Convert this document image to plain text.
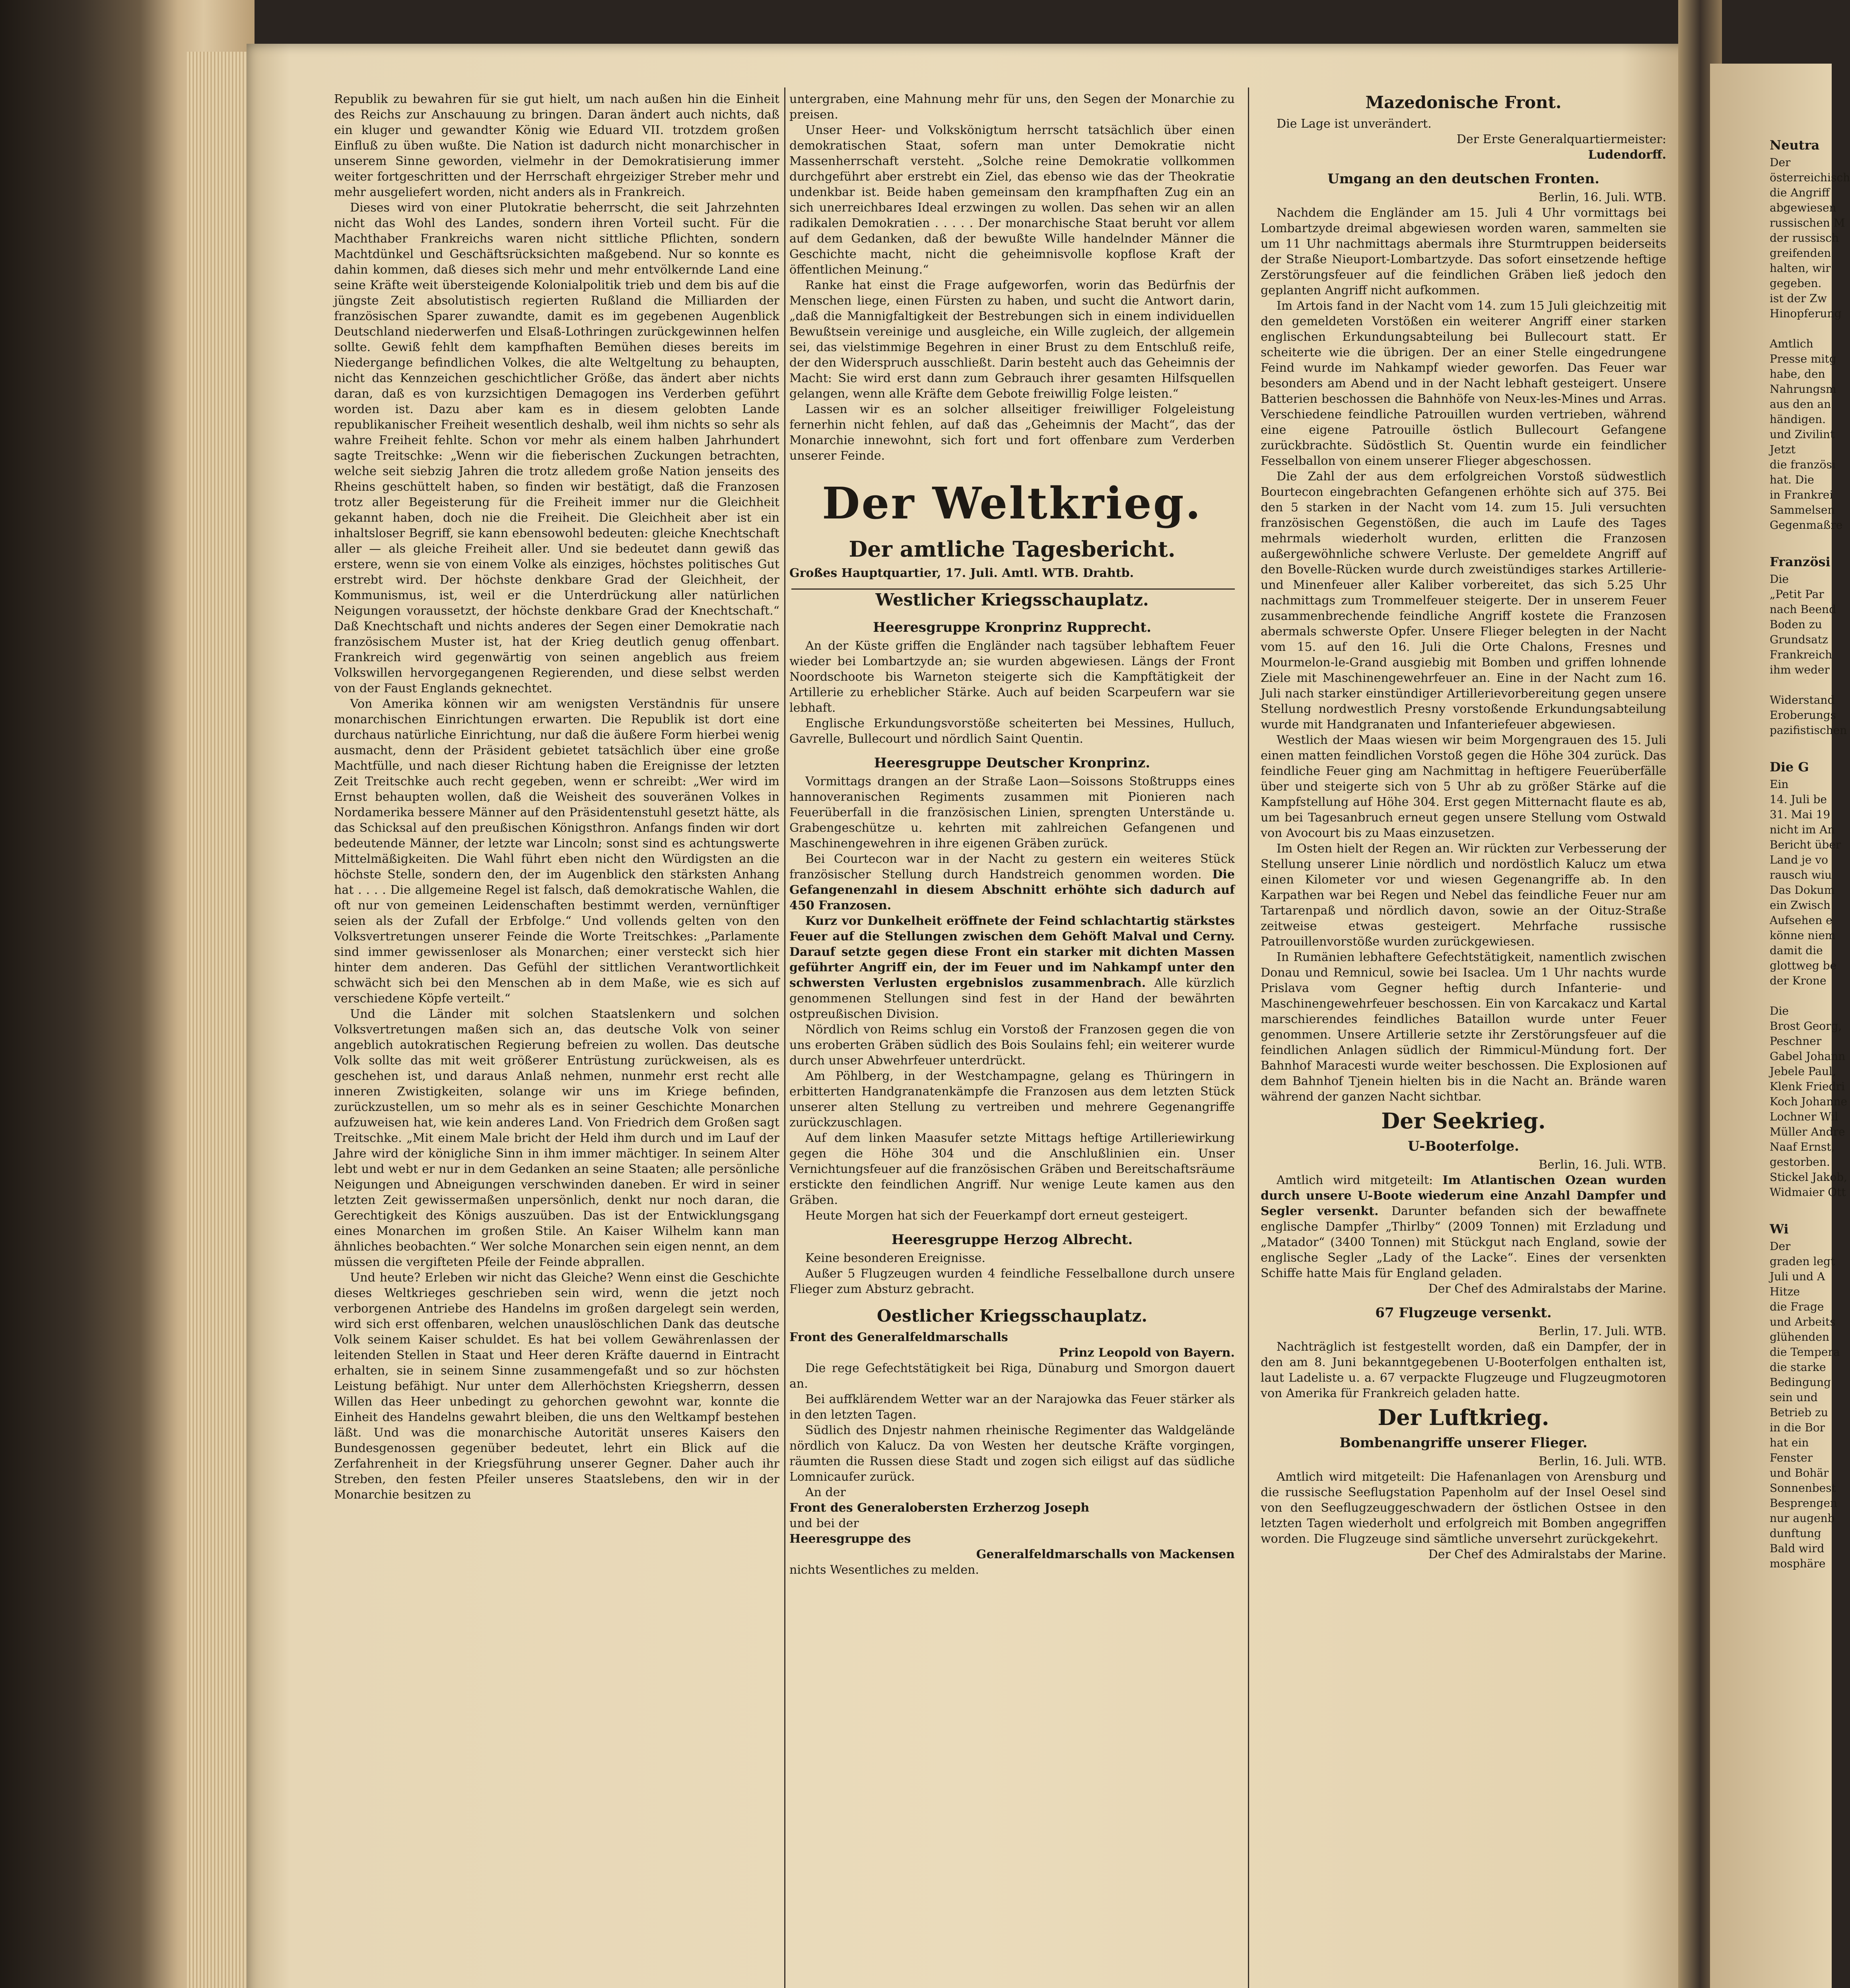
Republik zu bewahren für sie gut hielt, um nach außen hin die Einheit des Reichs zur Anschauung zu bringen. Daran ändert auch nichts, daß ein kluger und gewandter König wie Eduard VII. trotzdem großen Einfluß zu üben wußte. Die Nation ist dadurch nicht monarchischer in unserem Sinne geworden, vielmehr in der Demokratisierung immer weiter fortgeschritten und der Herrschaft ehrgeiziger Streber mehr und mehr ausgeliefert worden, nicht anders als in Frankreich.

Dieses wird von einer Plutokratie beherrscht, die seit Jahrzehnten nicht das Wohl des Landes, sondern ihren Vorteil sucht. Für die Machthaber Frankreichs waren nicht sittliche Pflichten, sondern Machtdünkel und Geschäftsrücksichten maßgebend. Nur so konnte es dahin kommen, daß dieses sich mehr und mehr entvölkernde Land eine seine Kräfte weit übersteigende Kolonialpolitik trieb und dem bis auf die jüngste Zeit absolutistisch regierten Rußland die Milliarden der französischen Sparer zuwandte, damit es im gegebenen Augenblick Deutschland niederwerfen und Elsaß-Lothringen zurückgewinnen helfen sollte. Gewiß fehlt dem kampfhaften Bemühen dieses bereits im Niedergange befindlichen Volkes, die alte Weltgeltung zu behaupten, nicht das Kennzeichen geschichtlicher Größe, das ändert aber nichts daran, daß es von kurzsichtigen Demagogen ins Verderben geführt worden ist. Dazu aber kam es in diesem gelobten Lande republikanischer Freiheit wesentlich deshalb, weil ihm nichts so sehr als wahre Freiheit fehlte. Schon vor mehr als einem halben Jahrhundert sagte Treitschke: „Wenn wir die fieberischen Zuckungen betrachten, welche seit siebzig Jahren die trotz alledem große Nation jenseits des Rheins geschüttelt haben, so finden wir bestätigt, daß die Franzosen trotz aller Begeisterung für die Freiheit immer nur die Gleichheit gekannt haben, doch nie die Freiheit. Die Gleichheit aber ist ein inhaltsloser Begriff, sie kann ebensowohl bedeuten: gleiche Knechtschaft aller — als gleiche Freiheit aller. Und sie bedeutet dann gewiß das erstere, wenn sie von einem Volke als einziges, höchstes politisches Gut erstrebt wird. Der höchste denkbare Grad der Gleichheit, der Kommunismus, ist, weil er die Unterdrückung aller natürlichen Neigungen voraussetzt, der höchste denkbare Grad der Knechtschaft.“ Daß Knechtschaft und nichts anderes der Segen einer Demokratie nach französischem Muster ist, hat der Krieg deutlich genug offenbart. Frankreich wird gegenwärtig von seinen angeblich aus freiem Volkswillen hervorgegangenen Regierenden, und diese selbst werden von der Faust Englands geknechtet.

Von Amerika können wir am wenigsten Verständnis für unsere monarchischen Einrichtungen erwarten. Die Republik ist dort eine durchaus natürliche Einrichtung, nur daß die äußere Form hierbei wenig ausmacht, denn der Präsident gebietet tatsächlich über eine große Machtfülle, und nach dieser Richtung haben die Ereignisse der letzten Zeit Treitschke auch recht gegeben, wenn er schreibt: „Wer wird im Ernst behaupten wollen, daß die Weisheit des souveränen Volkes in Nordamerika bessere Männer auf den Präsidentenstuhl gesetzt hätte, als das Schicksal auf den preußischen Königsthron. Anfangs finden wir dort bedeutende Männer, der letzte war Lincoln; sonst sind es achtungswerte Mittelmäßigkeiten. Die Wahl führt eben nicht den Würdigsten an die höchste Stelle, sondern den, der im Augenblick den stärksten Anhang hat . . . . Die allgemeine Regel ist falsch, daß demokratische Wahlen, die oft nur von gemeinen Leidenschaften bestimmt werden, vernünftiger seien als der Zufall der Erbfolge.“ Und vollends gelten von den Volksvertretungen unserer Feinde die Worte Treitschkes: „Parlamente sind immer gewissenloser als Monarchen; einer versteckt sich hier hinter dem anderen. Das Gefühl der sittlichen Verantwortlichkeit schwächt sich bei den Menschen ab in dem Maße, wie es sich auf verschiedene Köpfe verteilt.“

Und die Länder mit solchen Staatslenkern und solchen Volksvertretungen maßen sich an, das deutsche Volk von seiner angeblich autokratischen Regierung befreien zu wollen. Das deutsche Volk sollte das mit weit größerer Entrüstung zurückweisen, als es geschehen ist, und daraus Anlaß nehmen, nunmehr erst recht alle inneren Zwistigkeiten, solange wir uns im Kriege befinden, zurückzustellen, um so mehr als es in seiner Geschichte Monarchen aufzuweisen hat, wie kein anderes Land. Von Friedrich dem Großen sagt Treitschke. „Mit einem Male bricht der Held ihm durch und im Lauf der Jahre wird der königliche Sinn in ihm immer mächtiger. In seinem Alter lebt und webt er nur in dem Gedanken an seine Staaten; alle persönliche Neigungen und Abneigungen verschwinden daneben. Er wird in seiner letzten Zeit gewissermaßen unpersönlich, denkt nur noch daran, die Gerechtigkeit des Königs auszuüben. Das ist der Entwicklungsgang eines Monarchen im großen Stile. An Kaiser Wilhelm kann man ähnliches beobachten.“ Wer solche Monarchen sein eigen nennt, an dem müssen die vergifteten Pfeile der Feinde abprallen.

Und heute? Erleben wir nicht das Gleiche? Wenn einst die Geschichte dieses Weltkrieges geschrieben sein wird, wenn die jetzt noch verborgenen Antriebe des Handelns im großen dargelegt sein werden, wird sich erst offenbaren, welchen unauslöschlichen Dank das deutsche Volk seinem Kaiser schuldet. Es hat bei vollem Gewährenlassen der leitenden Stellen in Staat und Heer deren Kräfte dauernd in Eintracht erhalten, sie in seinem Sinne zusammengefaßt und so zur höchsten Leistung befähigt. Nur unter dem Allerhöchsten Kriegsherrn, dessen Willen das Heer unbedingt zu gehorchen gewohnt war, konnte die Einheit des Handelns gewahrt bleiben, die uns den Weltkampf bestehen läßt. Und was die monarchische Autorität unseres Kaisers den Bundesgenossen gegenüber bedeutet, lehrt ein Blick auf die Zerfahrenheit in der Kriegsführung unserer Gegner. Daher auch ihr Streben, den festen Pfeiler unseres Staatslebens, den wir in der Monarchie besitzen zu

untergraben, eine Mahnung mehr für uns, den Segen der Monarchie zu preisen.

Unser Heer- und Volkskönigtum herrscht tatsächlich über einen demokratischen Staat, sofern man unter Demokratie nicht Massenherrschaft versteht. „Solche reine Demokratie vollkommen durchgeführt aber erstrebt ein Ziel, das ebenso wie das der Theokratie undenkbar ist. Beide haben gemeinsam den krampfhaften Zug ein an sich unerreichbares Ideal erzwingen zu wollen. Das sehen wir an allen radikalen Demokratien . . . . . Der monarchische Staat beruht vor allem auf dem Gedanken, daß der bewußte Wille handelnder Männer die Geschichte macht, nicht die geheimnisvolle kopflose Kraft der öffentlichen Meinung.“

Ranke hat einst die Frage aufgeworfen, worin das Bedürfnis der Menschen liege, einen Fürsten zu haben, und sucht die Antwort darin, „daß die Mannigfaltigkeit der Bestrebungen sich in einem individuellen Bewußtsein vereinige und ausgleiche, ein Wille zugleich, der allgemein sei, das vielstimmige Begehren in einer Brust zu dem Entschluß reife, der den Widerspruch ausschließt. Darin besteht auch das Geheimnis der Macht: Sie wird erst dann zum Gebrauch ihrer gesamten Hilfsquellen gelangen, wenn alle Kräfte dem Gebote freiwillig Folge leisten.“

Lassen wir es an solcher allseitiger freiwilliger Folgeleistung fernerhin nicht fehlen, auf daß das „Geheimnis der Macht“, das der Monarchie innewohnt, sich fort und fort offenbare zum Verderben unserer Feinde.

Der Weltkrieg.
Der amtliche Tagesbericht.

Großes Hauptquartier, 17. Juli. Amtl. WTB. Drahtb.

Westlicher Kriegsschauplatz.
Heeresgruppe Kronprinz Rupprecht.

An der Küste griffen die Engländer nach tagsüber lebhaftem Feuer wieder bei Lombartzyde an; sie wurden abgewiesen. Längs der Front Noordschoote bis Warneton steigerte sich die Kampftätigkeit der Artillerie zu erheblicher Stärke. Auch auf beiden Scarpeufern war sie lebhaft.

Englische Erkundungsvorstöße scheiterten bei Messines, Hulluch, Gavrelle, Bullecourt und nördlich Saint Quentin.

Heeresgruppe Deutscher Kronprinz.

Vormittags drangen an der Straße Laon—Soissons Stoßtrupps eines hannoveranischen Regiments zusammen mit Pionieren nach Feuerüberfall in die französischen Linien, sprengten Unterstände u. Grabengeschütze u. kehrten mit zahlreichen Gefangenen und Maschinengewehren in ihre eigenen Gräben zurück.

Bei Courtecon war in der Nacht zu gestern ein weiteres Stück französischer Stellung durch Handstreich genommen worden. Die Gefangenenzahl in diesem Abschnitt erhöhte sich dadurch auf 450 Franzosen.

Kurz vor Dunkelheit eröffnete der Feind schlachtartig stärkstes Feuer auf die Stellungen zwischen dem Gehöft Malval und Cerny. Darauf setzte gegen diese Front ein starker mit dichten Massen geführter Angriff ein, der im Feuer und im Nahkampf unter den schwersten Verlusten ergebnislos zusammenbrach. Alle kürzlich genommenen Stellungen sind fest in der Hand der bewährten ostpreußischen Division.

Nördlich von Reims schlug ein Vorstoß der Franzosen gegen die von uns eroberten Gräben südlich des Bois Soulains fehl; ein weiterer wurde durch unser Abwehrfeuer unterdrückt.

Am Pöhlberg, in der Westchampagne, gelang es Thüringern in erbitterten Handgranatenkämpfe die Franzosen aus dem letzten Stück unserer alten Stellung zu vertreiben und mehrere Gegenangriffe zurückzuschlagen.

Auf dem linken Maasufer setzte Mittags heftige Artilleriewirkung gegen die Höhe 304 und die Anschlußlinien ein. Unser Vernichtungsfeuer auf die französischen Gräben und Bereitschaftsräume erstickte den feindlichen Angriff. Nur wenige Leute kamen aus den Gräben.

Heute Morgen hat sich der Feuerkampf dort erneut gesteigert.

Heeresgruppe Herzog Albrecht.

Keine besonderen Ereignisse.

Außer 5 Flugzeugen wurden 4 feindliche Fesselballone durch unsere Flieger zum Absturz gebracht.

Oestlicher Kriegsschauplatz.

Front des Generalfeldmarschalls

Prinz Leopold von Bayern.

Die rege Gefechtstätigkeit bei Riga, Dünaburg und Smorgon dauert an.

Bei auffklärendem Wetter war an der Narajowka das Feuer stärker als in den letzten Tagen.

Südlich des Dnjestr nahmen rheinische Regimenter das Waldgelände nördlich von Kalucz. Da von Westen her deutsche Kräfte vorgingen, räumten die Russen diese Stadt und zogen sich eiligst auf das südliche Lomnicaufer zurück.

An der

Front des Generalobersten Erzherzog Joseph

und bei der

Heeresgruppe des

Generalfeldmarschalls von Mackensen

nichts Wesentliches zu melden.

Mazedonische Front.

Die Lage ist unverändert.

Der Erste Generalquartiermeister:

Ludendorff.

Umgang an den deutschen Fronten.

Berlin, 16. Juli. WTB.

Nachdem die Engländer am 15. Juli 4 Uhr vormittags bei Lombartzyde dreimal abgewiesen worden waren, sammelten sie um 11 Uhr nachmittags abermals ihre Sturmtruppen beiderseits der Straße Nieuport-Lombartzyde. Das sofort einsetzende heftige Zerstörungsfeuer auf die feindlichen Gräben ließ jedoch den geplanten Angriff nicht aufkommen.

Im Artois fand in der Nacht vom 14. zum 15 Juli gleichzeitig mit den gemeldeten Vorstößen ein weiterer Angriff einer starken englischen Erkundungsabteilung bei Bullecourt statt. Er scheiterte wie die übrigen. Der an einer Stelle eingedrungene Feind wurde im Nahkampf wieder geworfen. Das Feuer war besonders am Abend und in der Nacht lebhaft gesteigert. Unsere Batterien beschossen die Bahnhöfe von Neux-les-Mines und Arras. Verschiedene feindliche Patrouillen wurden vertrieben, während eine eigene Patrouille östlich Bullecourt Gefangene zurückbrachte. Südöstlich St. Quentin wurde ein feindlicher Fesselballon von einem unserer Flieger abgeschossen.

Die Zahl der aus dem erfolgreichen Vorstoß südwestlich Bourtecon eingebrachten Gefangenen erhöhte sich auf 375. Bei den 5 starken in der Nacht vom 14. zum 15. Juli versuchten französischen Gegenstößen, die auch im Laufe des Tages mehrmals wiederholt wurden, erlitten die Franzosen außergewöhnliche schwere Verluste. Der gemeldete Angriff auf den Bovelle-Rücken wurde durch zweistündiges starkes Artillerie- und Minenfeuer aller Kaliber vorbereitet, das sich 5.25 Uhr nachmittags zum Trommelfeuer steigerte. Der in unserem Feuer zusammenbrechende feindliche Angriff kostete die Franzosen abermals schwerste Opfer. Unsere Flieger belegten in der Nacht vom 15. auf den 16. Juli die Orte Chalons, Fresnes und Mourmelon-le-Grand ausgiebig mit Bomben und griffen lohnende Ziele mit Maschinengewehrfeuer an. Eine in der Nacht zum 16. Juli nach starker einstündiger Artillerievorbereitung gegen unsere Stellung nordwestlich Presny vorstoßende Erkundungsabteilung wurde mit Handgranaten und Infanteriefeuer abgewiesen.

Westlich der Maas wiesen wir beim Morgengrauen des 15. Juli einen matten feindlichen Vorstoß gegen die Höhe 304 zurück. Das feindliche Feuer ging am Nachmittag in heftigere Feuerüberfälle über und steigerte sich von 5 Uhr ab zu größer Stärke auf die Kampfstellung auf Höhe 304. Erst gegen Mitternacht flaute es ab, um bei Tagesanbruch erneut gegen unsere Stellung vom Ostwald von Avocourt bis zu Maas einzusetzen.

Im Osten hielt der Regen an. Wir rückten zur Verbesserung der Stellung unserer Linie nördlich und nordöstlich Kalucz um etwa einen Kilometer vor und wiesen Gegenangriffe ab. In den Karpathen war bei Regen und Nebel das feindliche Feuer nur am Tartarenpaß und nördlich davon, sowie an der Oituz-Straße zeitweise etwas gesteigert. Mehrfache russische Patrouillenvorstöße wurden zurückgewiesen.

In Rumänien lebhaftere Gefechtstätigkeit, namentlich zwischen Donau und Remnicul, sowie bei Isaclea. Um 1 Uhr nachts wurde Prislava vom Gegner heftig durch Infanterie- und Maschinengewehrfeuer beschossen. Ein von Karcakacz und Kartal marschierendes feindliches Bataillon wurde unter Feuer genommen. Unsere Artillerie setzte ihr Zerstörungsfeuer auf die feindlichen Anlagen südlich der Rimmicul-Mündung fort. Der Bahnhof Maracesti wurde weiter beschossen. Die Explosionen auf dem Bahnhof Tjenein hielten bis in die Nacht an. Brände waren während der ganzen Nacht sichtbar.

Der Seekrieg.
U-Booterfolge.

Berlin, 16. Juli. WTB.

Amtlich wird mitgeteilt: Im Atlantischen Ozean wurden durch unsere U-Boote wiederum eine Anzahl Dampfer und Segler versenkt. Darunter befanden sich der bewaffnete englische Dampfer „Thirlby“ (2009 Tonnen) mit Erzladung und „Matador“ (3400 Tonnen) mit Stückgut nach England, sowie der englische Segler „Lady of the Lacke“. Eines der versenkten Schiffe hatte Mais für England geladen.

Der Chef des Admiralstabs der Marine.

67 Flugzeuge versenkt.

Berlin, 17. Juli. WTB.

Nachträglich ist festgestellt worden, daß ein Dampfer, der in den am 8. Juni bekanntgegebenen U-Booterfolgen enthalten ist, laut Ladeliste u. a. 67 verpackte Flugzeuge und Flugzeugmotoren von Amerika für Frankreich geladen hatte.

Der Luftkrieg.
Bombenangriffe unserer Flieger.

Berlin, 16. Juli. WTB.

Amtlich wird mitgeteilt: Die Hafenanlagen von Arensburg und die russische Seeflugstation Papenholm auf der Insel Oesel sind von den Seeflugzeuggeschwadern der östlichen Ostsee in den letzten Tagen wiederholt und erfolgreich mit Bomben angegriffen worden. Die Flugzeuge sind sämtliche unversehrt zurückgekehrt.

Der Chef des Admiralstabs der Marine.

Neutra
Der
österreichisch
die Angriff
abgewiesen
russischen M
der russisch
greifenden
halten, wir
gegeben.
ist der Zw
Hinopferung

Amtlich
Presse mitg
habe, den
Nahrungsm
aus den an
händigen.
und Zivilint
Jetzt
die französi
hat. Die
in Frankrei
Sammelsen
Gegenmaßre

Französi
Die
„Petit Par
nach Beend
Boden zu
Grundsatz
Frankreich
ihm weder

Widerstand
Eroberungs
pazifistischen

Die G
Ein
14. Juli be
31. Mai 19
nicht im An
Bericht über
Land je vo
rausch wiu
Das Dokum
ein Zwisch
Aufsehen e
könne niem
damit die
glottweg be
der Krone

Die
Brost Georg,
Peschner
Gabel Johann
Jebele Paul,
Klenk Friedri
Koch Johanne
Lochner Wil
Müller Andre
Naaf Ernst,
gestorben.
Stickel Jakob,
Widmaier Ott

Wi
Der
graden legt
Juli und A
Hitze
die Frage
und Arbeits
glühenden
die Tempera
die starke
Bedingung
sein und
Betrieb zu
in die Bor
hat ein
Fenster
und Bohär
Sonnenbest
Besprengen
nur augenb
dunftung
Bald wird
mosphäre
